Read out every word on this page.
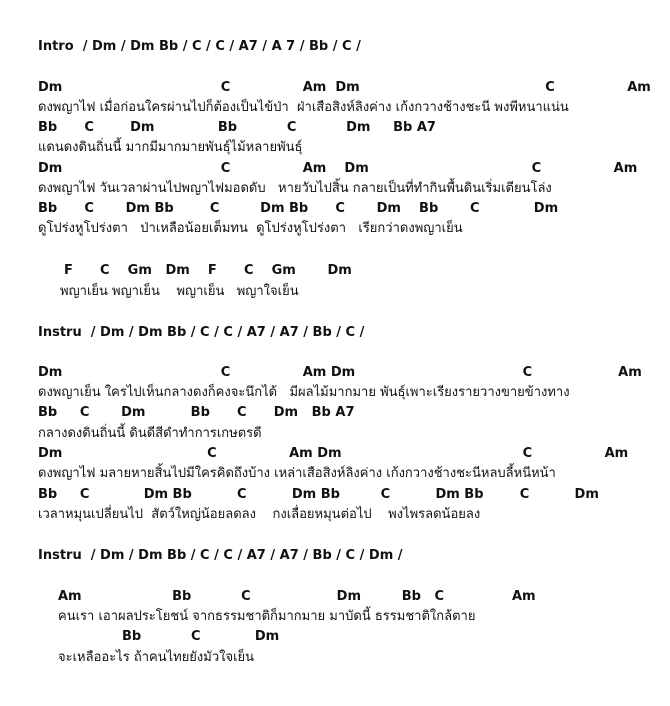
Intro  / Dm / Dm Bb / C / C / A7 / A 7 / Bb / C /
Dm                                   C                Am  Dm                                         C                Am
ดงพญาไฟ เมื่อก่อนใครผ่านไปก็ต้องเป็นไข้ป่า  ฝ่าเสือสิงห์ลิงค่าง เก้งกวางช้างชะนี พงพีหนาแน่น
Bb      C        Dm              Bb           C           Dm     Bb A7
แดนดงดินถิ่นนี้ มากมีมากมายพันธุ์ไม้หลายพันธุ์
Dm                                   C                Am    Dm                                    C                Am
ดงพญาไฟ วันเวลาผ่านไปพญาไฟมอดดับ   หายวับไปสิ้น กลายเป็นที่ทำกินพื้นดินเริ่มเตียนโล่ง
Bb      C       Dm Bb        C         Dm Bb      C       Dm    Bb       C            Dm
ดูโปร่งหูโปร่งตา   ป่าเหลือน้อยเต็มทน  ดูโปร่งหูโปร่งตา   เรียกว่าดงพญาเย็น
F      C    Gm   Dm    F      C    Gm       Dm
พญาเย็น พญาเย็น    พญาเย็น   พญาใจเย็น
Instru  / Dm / Dm Bb / C / C / A7 / A7 / Bb / C /
Dm                                   C                Am Dm                                     C                   Am
ดงพญาเย็น ใครไปเห็นกลางดงก็คงจะนึกได้   มีผลไม้มากมาย พันธุ์เพาะเรียงรายวางขายข้างทาง
Bb     C       Dm          Bb      C      Dm   Bb A7
กลางดงดินถิ่นนี้ ดินดีสีดำทำการเกษตรดี
Dm                                C                Am Dm                                        C                Am
ดงพญาไฟ มลายหายสิ้นไปมีใครคิดถึงบ้าง เหล่าเสือสิงห์ลิงค่าง เก้งกวางช้างชะนีหลบลี้หนีหน้า
Bb     C            Dm Bb          C          Dm Bb         C          Dm Bb        C          Dm
เวลาหมุนเปลี่ยนไป  สัตว์ใหญ่น้อยลดลง    กงเลื่อยหมุนต่อไป    พงไพรลดน้อยลง
Instru  / Dm / Dm Bb / C / C / A7 / A7 / Bb / C / Dm /
Am                    Bb           C                   Dm         Bb   C               Am
คนเรา เอาผลประโยชน์ จากธรรมชาติก็มากมาย มาบัดนี้ ธรรมชาติใกล้ตาย
Bb           C            Dm
จะเหลืออะไร ถ้าคนไทยยังมัวใจเย็น
